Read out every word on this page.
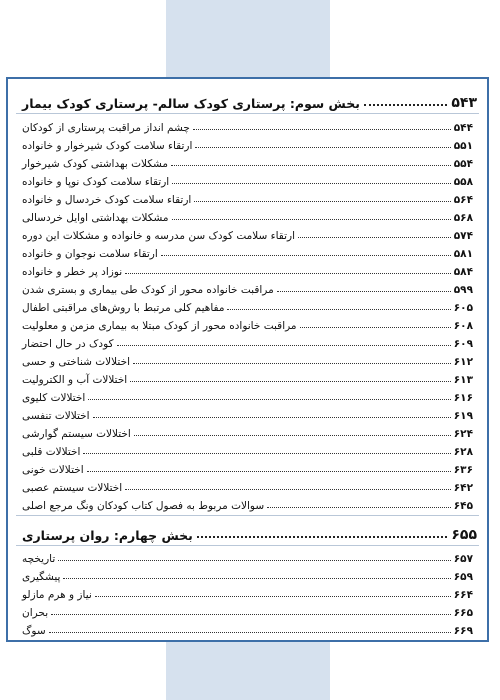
بخش سوم: پرستاری کودک سالم- پرستاری کودک بیمار	۵۴۳
چشم انداز مراقبت پرستاری از کودکان	۵۴۴
ارتقاء سلامت کودک شیرخوار و خانواده	۵۵۱
مشکلات بهداشتی کودک شیرخوار	۵۵۴
ارتقاء سلامت کودک نوپا و خانواده	۵۵۸
ارتقاء سلامت کودک خردسال و خانواده	۵۶۴
مشکلات بهداشتی اوایل خردسالی	۵۶۸
ارتقاء سلامت کودک سن مدرسه و خانواده و مشکلات این دوره	۵۷۴
ارتقاء سلامت نوجوان و خانواده	۵۸۱
نوزاد پر خطر و خانواده	۵۸۴
مراقبت خانواده محور از کودک طی بیماری و بستری شدن	۵۹۹
مفاهیم کلی مرتبط با روش‌های مراقبتی اطفال	۶۰۵
مراقبت خانواده محور از کودک مبتلا به بیماری مزمن و معلولیت	۶۰۸
کودک در حال احتضار	۶۰۹
اختلالات شناختی و حسی	۶۱۲
اختلالات آب و الکترولیت	۶۱۳
اختلالات کلیوی	۶۱۶
اختلالات تنفسی	۶۱۹
اختلالات سیستم گوارشی	۶۲۴
اختلالات قلبی	۶۲۸
اختلالات خونی	۶۳۶
اختلالات سیستم عصبی	۶۴۲
سوالات مربوط به فصول کتاب کودکان ونگ مرجع اصلی	۶۴۵
بخش چهارم: روان پرستاری	۶۵۵
تاریخچه	۶۵۷
پیشگیری	۶۵۹
نیاز و هرم مازلو	۶۶۴
بحران	۶۶۵
سوگ	۶۶۹
